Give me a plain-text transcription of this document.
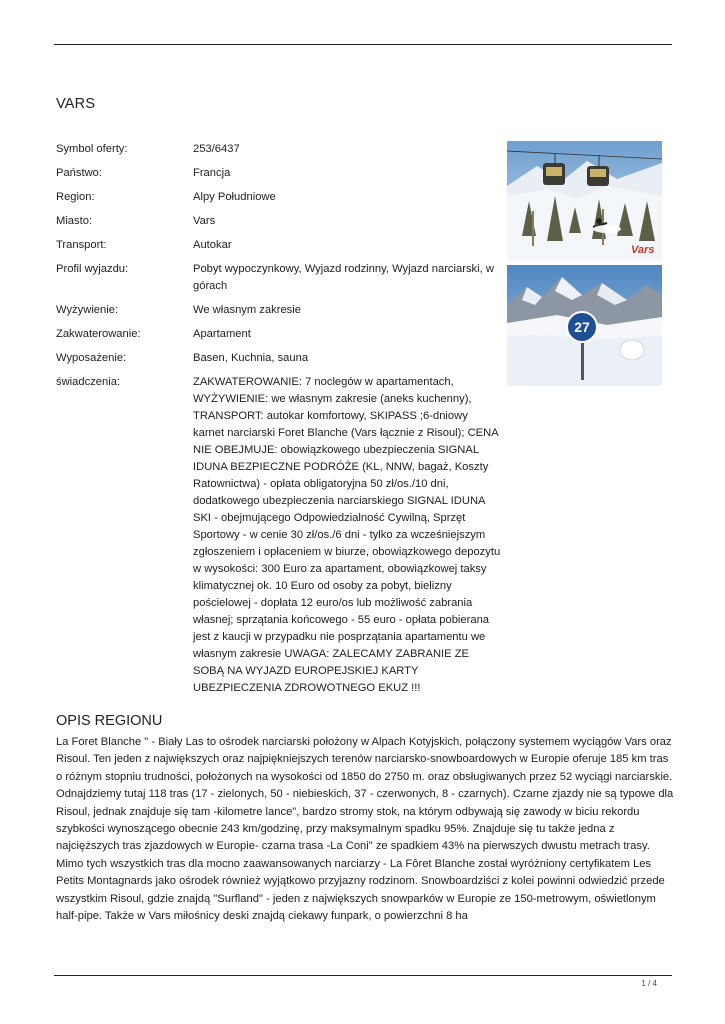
VARS
Symbol oferty:	253/6437
Państwo:	Francja
Region:	Alpy Południowe
Miasto:	Vars
Transport:	Autokar
Profil wyjazdu:	Pobyt wypoczynkowy, Wyjazd rodzinny, Wyjazd narciarski, w górach
Wyżywienie:	We własnym zakresie
Zakwaterowanie:	Apartament
Wyposażenie:	Basen, Kuchnia, sauna
świadczenia:	ZAKWATEROWANIE: 7 noclegów w apartamentach, WYŻYWIENIE: we własnym zakresie (aneks kuchenny), TRANSPORT: autokar komfortowy, SKIPASS ;6-dniowy karnet narciarski Foret Blanche (Vars łącznie z Risoul); CENA NIE OBEJMUJE: obowiązkowego ubezpieczenia SIGNAL IDUNA BEZPIECZNE PODRÓŻE (KL, NNW, bagaż, Koszty Ratownictwa) - opłata obligatoryjna 50 zł/os./10 dni, dodatkowego ubezpieczenia narciarskiego SIGNAL IDUNA SKI - obejmującego Odpowiedzialność Cywilną, Sprzęt Sportowy - w cenie 30 zł/os./6 dni - tylko za wcześniejszym zgłoszeniem i opłaceniem w biurze, obowiązkowego depozytu w wysokości: 300 Euro za apartament, obowiązkowej taksy klimatycznej ok. 10 Euro od osoby za pobyt, bielizny pościelowej - dopłata 12 euro/os lub możliwość zabrania własnej; sprzątania końcowego - 55 euro - opłata pobierana jest z kaucji w przypadku nie posprzątania apartamentu we własnym zakresie UWAGA: ZALECAMY ZABRANIE ZE SOBĄ NA WYJAZD EUROPEJSKIEJ KARTY UBEZPIECZENIA ZDROWOTNEGO EKUZ !!!
Vars
27
OPIS REGIONU
La Foret Blanche " - Biały Las to ośrodek narciarski położony w Alpach Kotyjskich, połączony systemem wyciągów Vars oraz Risoul. Ten jeden z największych oraz najpiękniejszych terenów narciarsko-snowboardowych w Europie oferuje 185 km tras o różnym stopniu trudności, położonych na wysokości od 1850 do 2750 m. oraz obsługiwanych przez 52 wyciągi narciarskie. Odnajdziemy tutaj 118 tras (17 - zielonych, 50 - niebieskich, 37 - czerwonych, 8 - czarnych). Czarne zjazdy nie są typowe dla Risoul, jednak znajduje się tam -kilometre lance", bardzo stromy stok, na którym odbywają się zawody w biciu rekordu szybkości wynoszącego obecnie 243 km/godzinę, przy maksymalnym spadku 95%. Znajduje się tu także jedna z najcięższych tras zjazdowych w Europie- czarna trasa -La Coni" ze spadkiem 43% na pierwszych dwustu metrach trasy. Mimo tych wszystkich tras dla mocno zaawansowanych narciarzy - La Fôret Blanche został wyróżniony certyfikatem Les Petits Montagnards jako ośrodek również wyjątkowo przyjazny rodzinom. Snowboardziści z kolei powinni odwiedzić przede wszystkim Risoul, gdzie znajdą "Surfland" - jeden z największych snowparków w Europie ze 150-metrowym, oświetlonym half-pipe. Także w Vars miłośnicy deski znajdą ciekawy funpark, o powierzchni 8 ha
1 / 4
